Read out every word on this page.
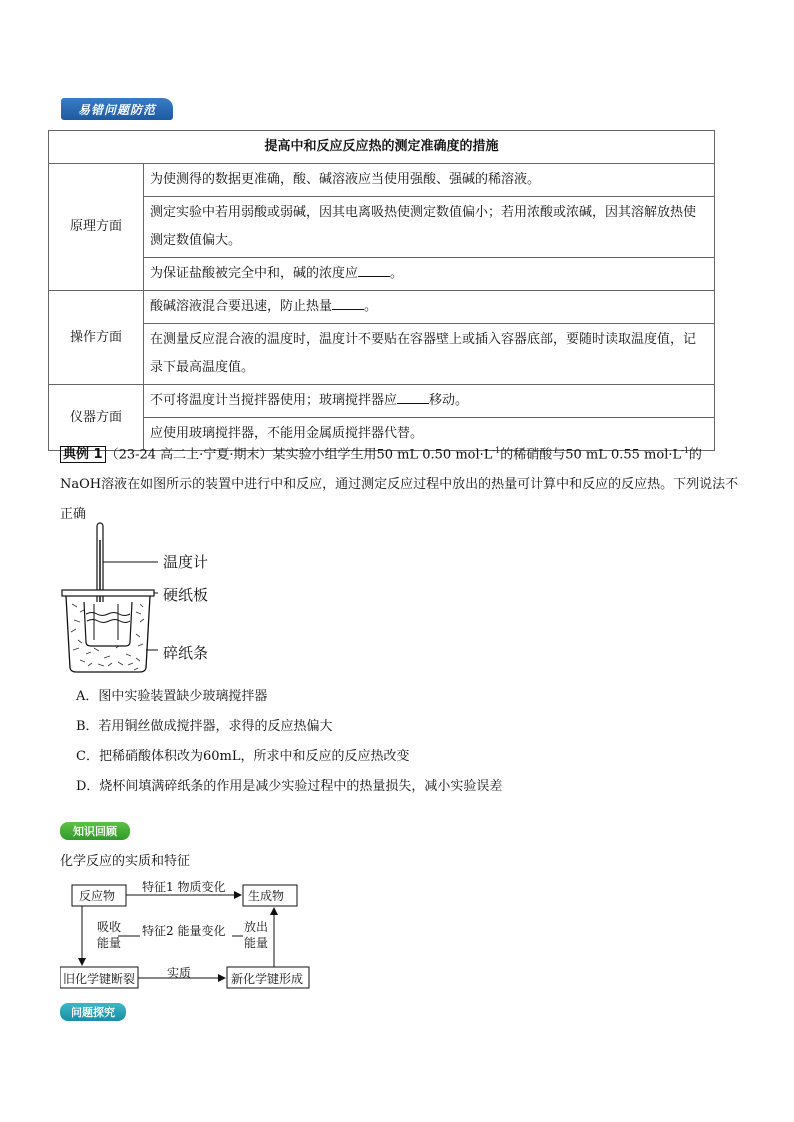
易错问题防范
提高中和反应反应热的测定准确度的措施	
原理方面	为使测得的数据更准确，酸、碱溶液应当使用强酸、强碱的稀溶液。
	测定实验中若用弱酸或弱碱，因其电离吸热使测定数值偏小；若用浓酸或浓碱，因其溶解放热使测定数值偏大。
	为保证盐酸被完全中和，碱的浓度应 。
操作方面	酸碱溶液混合要迅速，防止热量 。
	在测量反应混合液的温度时，温度计不要贴在容器壁上或插入容器底部，要随时读取温度值，记录下最高温度值。
仪器方面	不可将温度计当搅拌器使用；玻璃搅拌器应 移动。
	应使用玻璃搅拌器，不能用金属质搅拌器代替。
典例 1 （23-24 高二上·宁夏·期末）某实验小组学生用50 mL 0.50 $mol\cdot L^{-1}$的稀硝酸与50 mL 0.55 $mol\cdot L^{-1}$的NaOH溶液在如图所示的装置中进行中和反应，通过测定反应过程中放出的热量可计算中和反应的反应热。下列说法不正确
温度计
硬纸板
碎纸条
A．图中实验装置缺少玻璃搅拌器
B．若用铜丝做成搅拌器，求得的反应热偏大
C．把稀硝酸体积改为60mL，所求中和反应的反应热改变
D．烧杯间填满碎纸条的作用是减少实验过程中的热量损失，减小实验误差
知识回顾
化学反应的实质和特征
反应物	生成物
特征1 物质变化
特征2 能量变化
吸收
能量
放出
能量
旧化学键断裂	新化学键形成
实质
问题探究
